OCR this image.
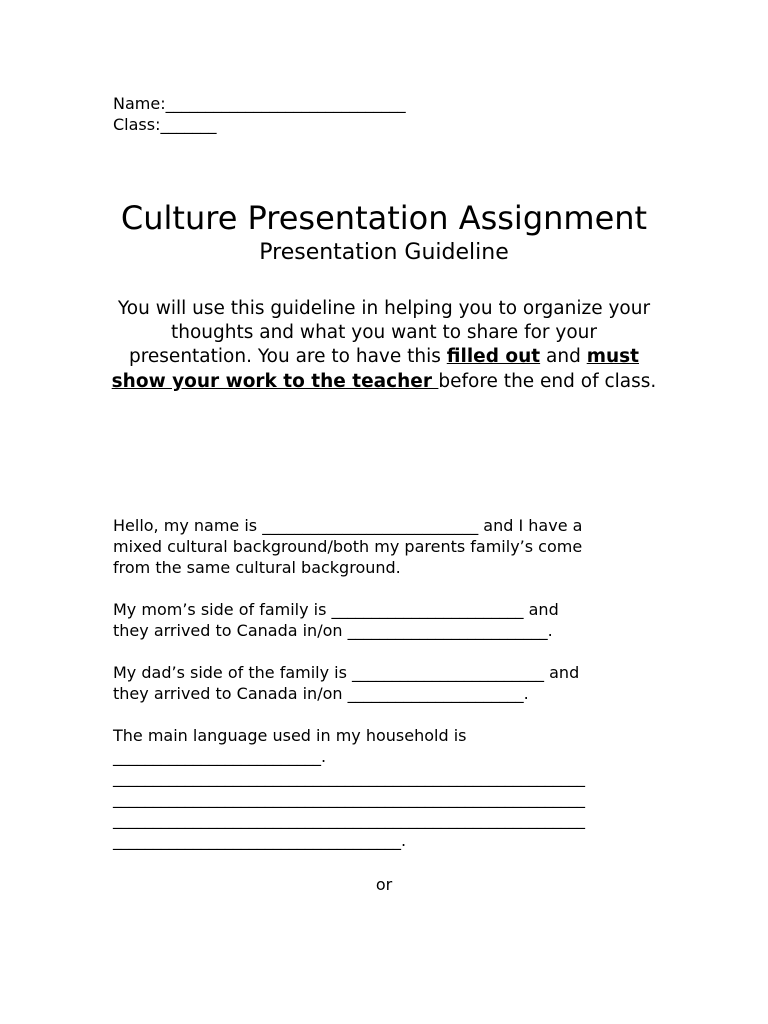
Name:______________________________
Class:_______
Culture Presentation Assignment
Presentation Guideline
You will use this guideline in helping you to organize your thoughts and what you want to share for your presentation. You are to have this filled out and must show your work to the teacher before the end of class.

Hello, my name is ___________________________ and I have a
mixed cultural background/both my parents family’s come
from the same cultural background.

My mom’s side of family is ________________________ and
they arrived to Canada in/on _________________________.

My dad’s side of the family is ________________________ and
they arrived to Canada in/on ______________________.

The main language used in my household is
__________________________.
___________________________________________________________
___________________________________________________________
___________________________________________________________
____________________________________.

or
